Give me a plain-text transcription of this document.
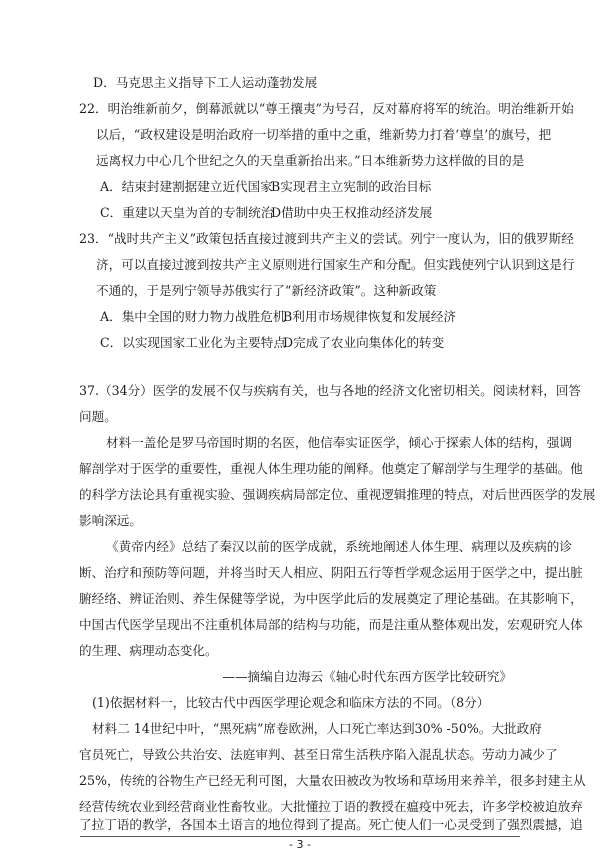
D．马克思主义指导下工人运动蓬勃发展
22．明治维新前夕，倒幕派就以“尊王攘夷”为号召，反对幕府将军的统治。明治维新开始
以后，“政权建设是明治政府一切举措的重中之重，维新势力打着‘尊皇’的旗号，把
远离权力中心几个世纪之久的天皇重新抬出来。”日本维新势力这样做的目的是
A．结束封建割据建立近代国家
B实现君主立宪制的政治目标
C．重建以天皇为首的专制统治
D借助中央王权推动经济发展
23．“战时共产主义”政策包括直接过渡到共产主义的尝试。列宁一度认为，旧的俄罗斯经
济，可以直接过渡到按共产主义原则进行国家生产和分配。但实践使列宁认识到这是行
不通的，于是列宁领导苏俄实行了“新经济政策”。这种新政策
A．集中全国的财力物力战胜危机
B利用市场规律恢复和发展经济
C．以实现国家工业化为主要特点
D完成了农业向集体化的转变
37.（34分）医学的发展不仅与疾病有关，也与各地的经济文化密切相关。阅读材料，回答
问题。
材料一盖伦是罗马帝国时期的名医，他信奉实证医学，倾心于探索人体的结构，强调
解剖学对于医学的重要性，重视人体生理功能的阐释。他奠定了解剖学与生理学的基础。他
的科学方法论具有重视实验、强调疾病局部定位、重视逻辑推理的特点，对后世西医学的发展
影响深远。
《黄帝内经》总结了秦汉以前的医学成就，系统地阐述人体生理、病理以及疾病的诊
断、治疗和预防等问题，并将当时天人相应、阴阳五行等哲学观念运用于医学之中，提出脏
腑经络、辨证治则、养生保健等学说，为中医学此后的发展奠定了理论基础。在其影响下，
中国古代医学呈现出不注重机体局部的结构与功能，而是注重从整体观出发，宏观研究人体
的生理、病理动态变化。
——摘编自边海云《轴心时代东西方医学比较研究》
(1)依据材料一，比较古代中西医学理论观念和临床方法的不同。（8分）
材料二 14世纪中叶，“黑死病”席卷欧洲，人口死亡率达到30% -50%。大批政府
官员死亡，导致公共治安、法庭审判、甚至日常生活秩序陷入混乱状态。劳动力减少了
25%，传统的谷物生产已经无利可图，大量农田被改为牧场和草场用来养羊，很多封建主从
经营传统农业到经营商业性畜牧业。大批懂拉丁语的教授在瘟疫中死去，许多学校被迫放弃
了拉丁语的教学，各国本土语言的地位得到了提高。死亡使人们一心灵受到了强烈震撼，追
- 3 -
